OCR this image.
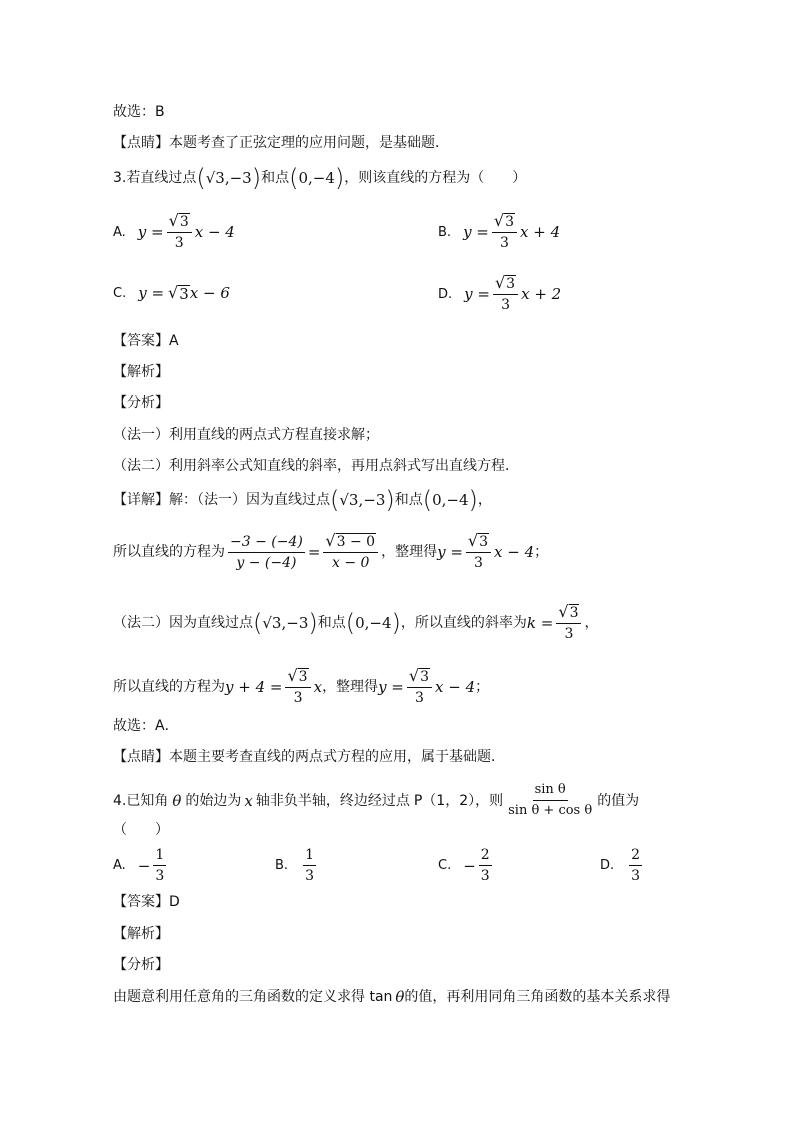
故选：B
【点睛】本题考查了正弦定理的应用问题，是基础题．
3.若直线过点 ( √3,−3 ) 和点 ( 0,−4 ) ，则该直线的方程为（　　）
A. $y = \frac{√ 3}{3}$ x − 4	B. $y = \frac{√ 3}{3}$ x + 4
C. y = √ 3 x − 6	D. $y = \frac{√ 3}{3}$ x + 2
【答案】A
【解析】
【分析】
（法一）利用直线的两点式方程直接求解；
（法二）利用斜率公式知直线的斜率，再用点斜式写出直线方程．
【详解】解：（法一）因为直线过点 ( √3,−3 ) 和点 ( 0,−4 ) ，
所以直线的方程为 $\frac{-3 - (-4)}{y - (-4)} = \frac{√ 3 - 0}{x - 0}$ ，整理得 $y = \frac{√ 3}{3}$ x − 4 ；
（法二）因为直线过点 ( √3,−3 ) 和点 ( 0,−4 ) ，所以直线的斜率为 $k = \frac{√ 3}{3}$ ，
所以直线的方程为 $y + 4 = \frac{√ 3}{3}$ x ，整理得 $y = \frac{√ 3}{3}$ x − 4 ；
故选：A．
【点睛】本题主要考查直线的两点式方程的应用，属于基础题．
4.已知角 θ 的始边为 x 轴非负半轴，终边经过点 P（1，2），则 $\frac{\text{sin θ}}{\text{sin θ + cos θ}}$ 的值为
（　　）
A. − $\frac{1}{3}$	B. $\frac{1}{3}$	C. − $\frac{2}{3}$	D. $\frac{2}{3}$
【答案】D
【解析】
【分析】
由题意利用任意角的三角函数的定义求得 tan θ 的值，再利用同角三角函数的基本关系求得
